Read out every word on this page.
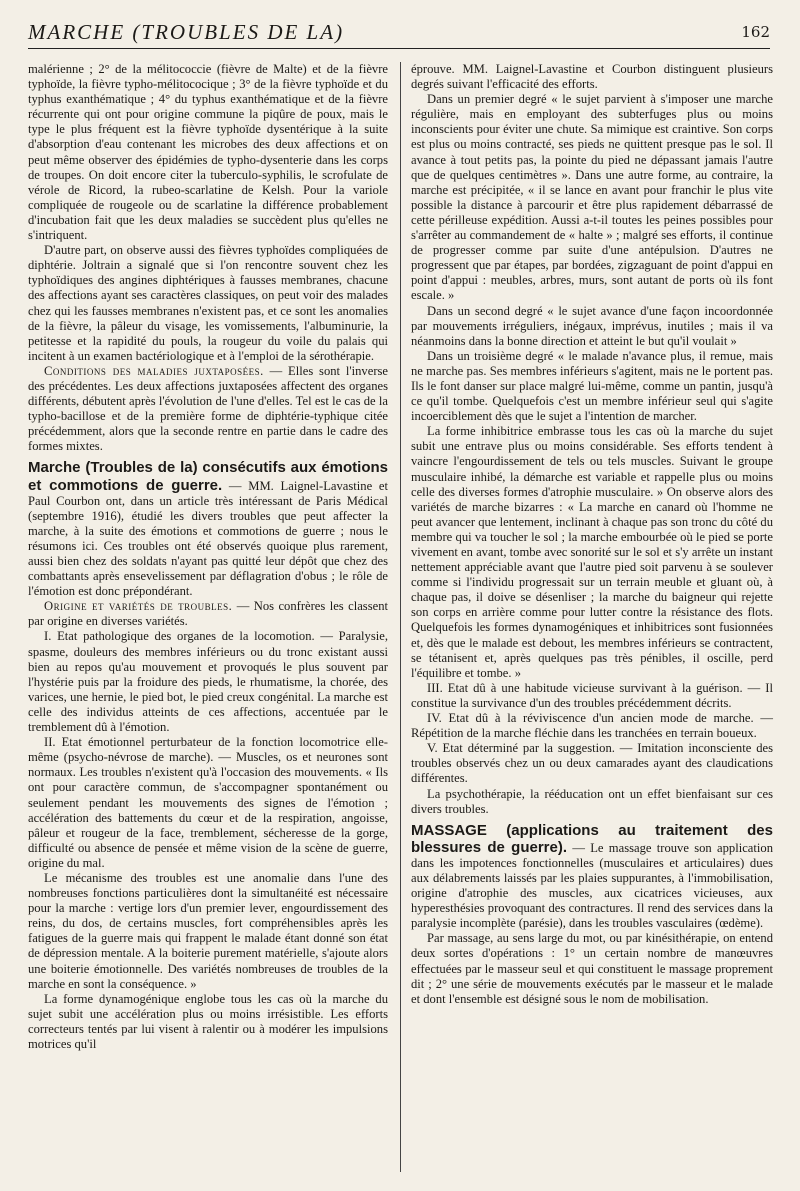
MARCHE (TROUBLES DE LA)	162

malérienne ; 2° de la mélitococcie (fièvre de Malte) et de la fièvre typhoïde, la fièvre typho-mélitococique ; 3° de la fièvre typhoïde et du typhus exanthématique ; 4° du typhus exanthématique et de la fièvre récurrente qui ont pour origine commune la piqûre de poux, mais le type le plus fréquent est la fièvre typhoïde dysentérique à la suite d'absorption d'eau contenant les microbes des deux affections et on peut même observer des épidémies de typho-dysenterie dans les corps de troupes. On doit encore citer la tuberculo-syphilis, le scrofulate de vérole de Ricord, la rubeo-scarlatine de Kelsh. Pour la variole compliquée de rougeole ou de scarlatine la différence probablement d'incubation fait que les deux maladies se succèdent plus qu'elles ne s'intriquent.

D'autre part, on observe aussi des fièvres typhoïdes compliquées de diphtérie. Joltrain a signalé que si l'on rencontre souvent chez les typhoïdiques des angines diphtériques à fausses membranes, chacune des affections ayant ses caractères classiques, on peut voir des malades chez qui les fausses membranes n'existent pas, et ce sont les anomalies de la fièvre, la pâleur du visage, les vomissements, l'albuminurie, la petitesse et la rapidité du pouls, la rougeur du voile du palais qui incitent à un examen bactériologique et à l'emploi de la sérothérapie.

Conditions des maladies juxtaposées. — Elles sont l'inverse des précédentes. Les deux affections juxtaposées affectent des organes différents, débutent après l'évolution de l'une d'elles. Tel est le cas de la typho-bacillose et de la première forme de diphtérie-typhique citée précédemment, alors que la seconde rentre en partie dans le cadre des formes mixtes.

Marche (Troubles de la) consécutifs aux émotions et commotions de guerre. — MM. Laignel-Lavastine et Paul Courbon ont, dans un article très intéressant de Paris Médical (septembre 1916), étudié les divers troubles que peut affecter la marche, à la suite des émotions et commotions de guerre ; nous le résumons ici. Ces troubles ont été observés quoique plus rarement, aussi bien chez des soldats n'ayant pas quitté leur dépôt que chez des combattants après ensevelissement par déflagration d'obus ; le rôle de l'émotion est donc prépondérant.

Origine et variétés de troubles. — Nos confrères les classent par origine en diverses variétés.

I. Etat pathologique des organes de la locomotion. — Paralysie, spasme, douleurs des membres inférieurs ou du tronc existant aussi bien au repos qu'au mouvement et provoqués le plus souvent par l'hystérie puis par la froidure des pieds, le rhumatisme, la chorée, des varices, une hernie, le pied bot, le pied creux congénital. La marche est celle des individus atteints de ces affections, accentuée par le tremblement dû à l'émotion.

II. Etat émotionnel perturbateur de la fonction locomotrice elle-même (psycho-névrose de marche). — Muscles, os et neurones sont normaux. Les troubles n'existent qu'à l'occasion des mouvements. « Ils ont pour caractère commun, de s'accompagner spontanément ou seulement pendant les mouvements des signes de l'émotion ; accélération des battements du cœur et de la respiration, angoisse, pâleur et rougeur de la face, tremblement, sécheresse de la gorge, difficulté ou absence de pensée et même vision de la scène de guerre, origine du mal.

Le mécanisme des troubles est une anomalie dans l'une des nombreuses fonctions particulières dont la simultanéité est nécessaire pour la marche : vertige lors d'un premier lever, engourdissement des reins, du dos, de certains muscles, fort compréhensibles après les fatigues de la guerre mais qui frappent le malade étant donné son état de dépression mentale. A la boiterie purement matérielle, s'ajoute alors une boiterie émotionnelle. Des variétés nombreuses de troubles de la marche en sont la conséquence. »

La forme dynamogénique englobe tous les cas où la marche du sujet subit une accélération plus ou moins irrésistible. Les efforts correcteurs tentés par lui visent à ralentir ou à modérer les impulsions motrices qu'il

éprouve. MM. Laignel-Lavastine et Courbon distinguent plusieurs degrés suivant l'efficacité des efforts.

Dans un premier degré « le sujet parvient à s'imposer une marche régulière, mais en employant des subterfuges plus ou moins inconscients pour éviter une chute. Sa mimique est craintive. Son corps est plus ou moins contracté, ses pieds ne quittent presque pas le sol. Il avance à tout petits pas, la pointe du pied ne dépassant jamais l'autre que de quelques centimètres ». Dans une autre forme, au contraire, la marche est précipitée, « il se lance en avant pour franchir le plus vite possible la distance à parcourir et être plus rapidement débarrassé de cette périlleuse expédition. Aussi a-t-il toutes les peines possibles pour s'arrêter au commandement de « halte » ; malgré ses efforts, il continue de progresser comme par suite d'une antépulsion. D'autres ne progressent que par étapes, par bordées, zigzaguant de point d'appui en point d'appui : meubles, arbres, murs, sont autant de ports où ils font escale. »

Dans un second degré « le sujet avance d'une façon incoordonnée par mouvements irréguliers, inégaux, imprévus, inutiles ; mais il va néanmoins dans la bonne direction et atteint le but qu'il voulait »

Dans un troisième degré « le malade n'avance plus, il remue, mais ne marche pas. Ses membres inférieurs s'agitent, mais ne le portent pas. Ils le font danser sur place malgré lui-même, comme un pantin, jusqu'à ce qu'il tombe. Quelquefois c'est un membre inférieur seul qui s'agite incoerciblement dès que le sujet a l'intention de marcher.

La forme inhibitrice embrasse tous les cas où la marche du sujet subit une entrave plus ou moins considérable. Ses efforts tendent à vaincre l'engourdissement de tels ou tels muscles. Suivant le groupe musculaire inhibé, la démarche est variable et rappelle plus ou moins celle des diverses formes d'atrophie musculaire. » On observe alors des variétés de marche bizarres : « La marche en canard où l'homme ne peut avancer que lentement, inclinant à chaque pas son tronc du côté du membre qui va toucher le sol ; la marche embourbée où le pied se porte vivement en avant, tombe avec sonorité sur le sol et s'y arrête un instant nettement appréciable avant que l'autre pied soit parvenu à se soulever comme si l'individu progressait sur un terrain meuble et gluant où, à chaque pas, il doive se désenliser ; la marche du baigneur qui rejette son corps en arrière comme pour lutter contre la résistance des flots. Quelquefois les formes dynamogéniques et inhibitrices sont fusionnées et, dès que le malade est debout, les membres inférieurs se contractent, se tétanisent et, après quelques pas très pénibles, il oscille, perd l'équilibre et tombe. »

III. Etat dû à une habitude vicieuse survivant à la guérison. — Il constitue la survivance d'un des troubles précédemment décrits.

IV. Etat dû à la réviviscence d'un ancien mode de marche. — Répétition de la marche fléchie dans les tranchées en terrain boueux.

V. Etat déterminé par la suggestion. — Imitation inconsciente des troubles observés chez un ou deux camarades ayant des claudications différentes.

La psychothérapie, la rééducation ont un effet bienfaisant sur ces divers troubles.

MASSAGE (applications au traitement des blessures de guerre). — Le massage trouve son application dans les impotences fonctionnelles (musculaires et articulaires) dues aux délabrements laissés par les plaies suppurantes, à l'immobilisation, origine d'atrophie des muscles, aux cicatrices vicieuses, aux hyperesthésies provoquant des contractures. Il rend des services dans la paralysie incomplète (parésie), dans les troubles vasculaires (œdème).

Par massage, au sens large du mot, ou par kinésithérapie, on entend deux sortes d'opérations : 1° un certain nombre de manœuvres effectuées par le masseur seul et qui constituent le massage proprement dit ; 2° une série de mouvements exécutés par le masseur et le malade et dont l'ensemble est désigné sous le nom de mobilisation.
